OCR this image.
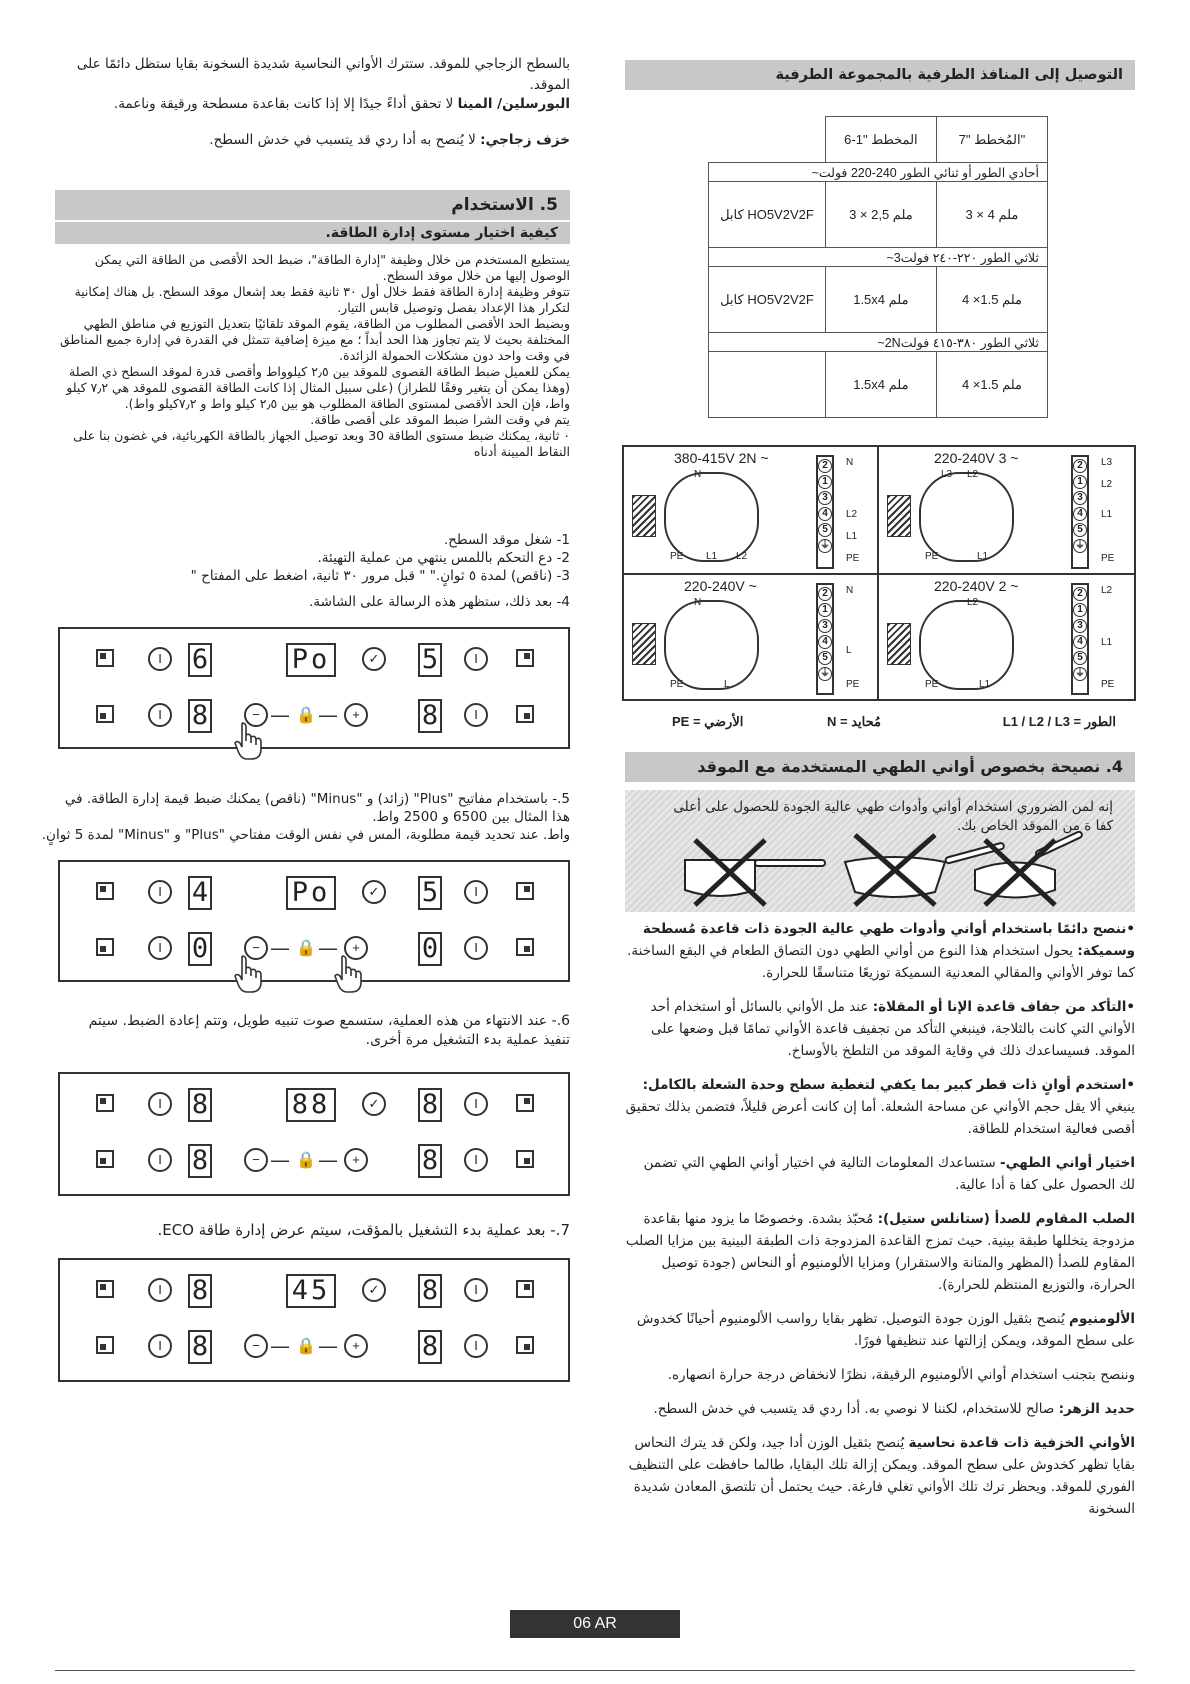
بالسطح الزجاجي للموقد. ستترك الأواني النحاسية شديدة السخونة بقايا ستظل دائمًا على الموقد.
البورسلين/ المينا لا تحقق أداءً جيدًا إلا إذا كانت بقاعدة مسطحة ورقيقة وناعمة.
خزف زجاجي: لا يُنصح به أدا ردي قد يتسبب في خدش السطح.
5. الاستخدام
كيفية اختيار مستوى إدارة الطاقة.
يستطيع المستخدم من خلال وظيفة "إدارة الطاقة"، ضبط الحد الأقصى من الطاقة التي يمكن الوصول إليها من خلال موقد السطح.
تتوفر وظيفة إدارة الطاقة فقط خلال أول ٣٠ ثانية فقط بعد إشعال موقد السطح. بل هناك إمكانية لتكرار هذا الإعداد بفصل وتوصيل قابس التيار.
وبضبط الحد الأقصى المطلوب من الطاقة، يقوم الموقد تلقائيًا بتعديل التوزيع في مناطق الطهي المختلفة بحيث لا يتم تجاوز هذا الحد أبداً ؛ مع ميزة إضافية تتمثل في القدرة في إدارة جميع المناطق في وقت واحد دون مشكلات الحمولة الزائدة.
يمكن للعميل ضبط الطاقة القصوى للموقد بين ٢٫٥ كيلوواط وأقصى قدرة لموقد السطح ذي الصلة (وهذا يمكن أن يتغير وفقًا للطراز) (على سبيل المثال إذا كانت الطاقة القصوى للموقد هي ٧٫٢ كيلو واط، فإن الحد الأقصى لمستوى الطاقة المطلوب هو بين ٢٫٥ كيلو واط و ٧٫٢كيلو واط).
يتم في وقت الشرا ضبط الموقد على أقصى طاقة.
٠ ثانية، يمكنك ضبط مستوى الطاقة 30 وبعد توصيل الجهاز بالطاقة الكهربائية، في غضون بنا على النقاط المبينة أدناه
1- شغل موقد السطح.
2- دع التحكم باللمس ينتهي من عملية التهيئة.
3- (ناقص) لمدة ٥ ثوانٍ." " قبل مرور ٣٠ ثانية، اضغط على المفتاح "
4- بعد ذلك، ستظهر هذه الرسالة على الشاشة.
I	6	Po	✓ 5	I
I	8	− — 🔒 —	+	8	I
5.- باستخدام مفاتيح "Plus" (زائد) و "Minus" (ناقص) يمكنك ضبط قيمة إدارة الطاقة. في
هذا المثال بين 6500 و 2500 واط.
واط. عند تحديد قيمة مطلوبة، المس في نفس الوقت مفتاحي "Plus" و "Minus" لمدة 5 ثوانٍ.
I	4	Po	✓ 5	I
I	0	− — 🔒 —	+	0	I
6.- عند الانتهاء من هذه العملية، ستسمع صوت تنبيه طويل، وتتم إعادة الضبط. سيتم
تنفيذ عملية بدء التشغيل مرة أخرى.
I	8	88	✓ 8	I
I	8	− — 🔒 —	+	8	I
7.- بعد عملية بدء التشغيل بالمؤقت، سيتم عرض إدارة طاقة ECO.
I	8	45	✓ 8	I
I	8	− — 🔒 —	+	8	I
التوصيل إلى المنافذ الطرفية بالمجموعة الطرفية
	المخطط "1-6	المُخطط "7"
أحادي الطور أو ثنائي الطور 240-220 فولت~		
كابل HO5V2V2F	3 × 2,5 ملم	3 × 4 ملم
ثلاثي الطور ٢٢٠-٢٤٠ فولت3~		
كابل HO5V2V2F	1.5x4 ملم	4 ×1.5 ملم
ثلاثي الطور ٣٨٠-٤١٥ فولت2N~		
	1.5x4 ملم	4 ×1.5 ملم
380-415V 2N ~	2
1
3
4
5
⏚
N
PE L1 L2
N
L2
L1
PE
220-240V 3 ~	2
1
3
4
5
⏚
L3 L2
PE	L1
L3
L2
L1
PE
220-240V ~	2
1
3
4
5
⏚
N
PE	L
N
L
PE
220-240V 2 ~	2
1
3
4
5
⏚
L2
PE	L1
L2
L1
PE
L1 / L2 / L3 = الطور
N = مُحايد
PE = الأرضي
4. نصيحة بخصوص أواني الطهي المستخدمة مع الموقد
إنه لمن الضروري استخدام أواني وأدوات طهي عالية الجودة للحصول على أعلى كفا ة من الموقد الخاص بك.
•ننصح دائمًا باستخدام أواني وأدوات طهي عالية الجودة ذات قاعدة مُسطحة وسميكة: يحول استخدام هذا النوع من أواني الطهي دون التصاق الطعام في البقع الساخنة. كما توفر الأواني والمقالي المعدنية السميكة توزيعًا متناسقًا للحرارة.
•التأكد من جفاف قاعدة الإنا أو المقلاة: عند مل الأواني بالسائل أو استخدام أحد الأواني التي كانت بالثلاجة، فينبغي التأكد من تجفيف قاعدة الأواني تمامًا قبل وضعها على الموقد. فسيساعدك ذلك في وقاية الموقد من التلطخ بالأوساخ.
•استخدم أوانٍ ذات قطر كبير بما يكفي لتغطية سطح وحدة الشعلة بالكامل: ينبغي ألا يقل حجم الأواني عن مساحة الشعلة. أما إن كانت أعرض قليلاً، فتضمن بذلك تحقيق أقصى فعالية استخدام للطاقة.
اختيار أواني الطهي- ستساعدك المعلومات التالية في اختيار أواني الطهي التي تضمن لك الحصول على كفا ة أدا عالية.
الصلب المقاوم للصدأ (ستانلس ستيل): مُحبّذ بشدة. وخصوصًا ما يزود منها بقاعدة مزدوجة يتخللها طبقة بينية. حيث تمزج القاعدة المزدوجة ذات الطبقة البينية بين مزايا الصلب المقاوم للصدأ (المظهر والمتانة والاستقرار) ومزايا الألومنيوم أو النحاس (جودة توصيل الحرارة، والتوزيع المنتظم للحرارة).
الألومنيوم يُنصح بثقيل الوزن جودة التوصيل. تظهر بقايا رواسب الألومنيوم أحيانًا كخدوش على سطح الموقد، ويمكن إزالتها عند تنظيفها فورًا.
وننصح بتجنب استخدام أواني الألومنيوم الرقيقة، نظرًا لانخفاض درجة حرارة انصهاره.
حديد الزهر: صالح للاستخدام، لكننا لا نوصي به. أدا ردي قد يتسبب في خدش السطح.
الأواني الخزفية ذات قاعدة نحاسية يُنصح بثقيل الوزن أدا جيد، ولكن قد يترك النحاس بقايا تظهر كخدوش على سطح الموقد. ويمكن إزالة تلك البقايا، طالما حافظت على التنظيف الفوري للموقد. ويحظر ترك تلك الأواني تغلي فارغة. حيث يحتمل أن تلتصق المعادن شديدة السخونة
06 AR
